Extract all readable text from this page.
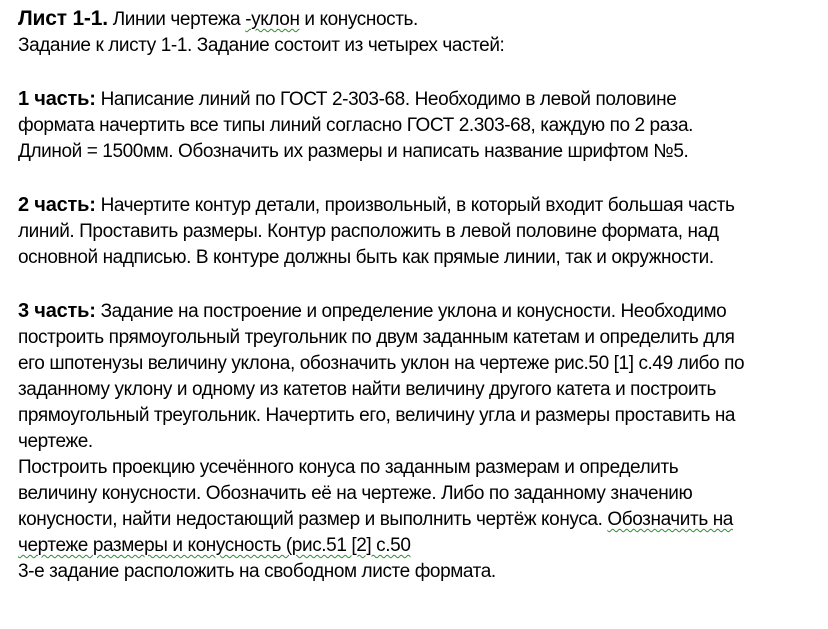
Лист 1-1. Линии чертежа -уклон и конусность.
Задание к листу 1-1. Задание состоит из четырех частей:
1 часть: Написание линий по ГОСТ 2-303-68. Необходимо в левой половине
формата начертить все типы линий согласно ГОСТ 2.303-68, каждую по 2 раза.
Длиной = 1500мм. Обозначить их размеры и написать название шрифтом №5.
2 часть: Начертите контур детали, произвольный, в который входит большая часть
линий. Проставить размеры. Контур расположить в левой половине формата, над
основной надписью. В контуре должны быть как прямые линии, так и окружности.
3 часть: Задание на построение и определение уклона и конусности. Необходимо
построить прямоугольный треугольник по двум заданным катетам и определить для
его шпотенузы величину уклона, обозначить уклон на чертеже рис.50 [1] с.49 либо по
заданному уклону и одному из катетов найти величину другого катета и построить
прямоугольный треугольник. Начертить его, величину угла и размеры проставить на
чертеже.
Построить проекцию усечённого конуса по заданным размерам и определить
величину конусности. Обозначить её на чертеже. Либо по заданному значению
конусности, найти недостающий размер и выполнить чертёж конуса. Обозначить на
чертеже размеры и конусность (рис.51 [2] с.50
3-е задание расположить на свободном листе формата.
